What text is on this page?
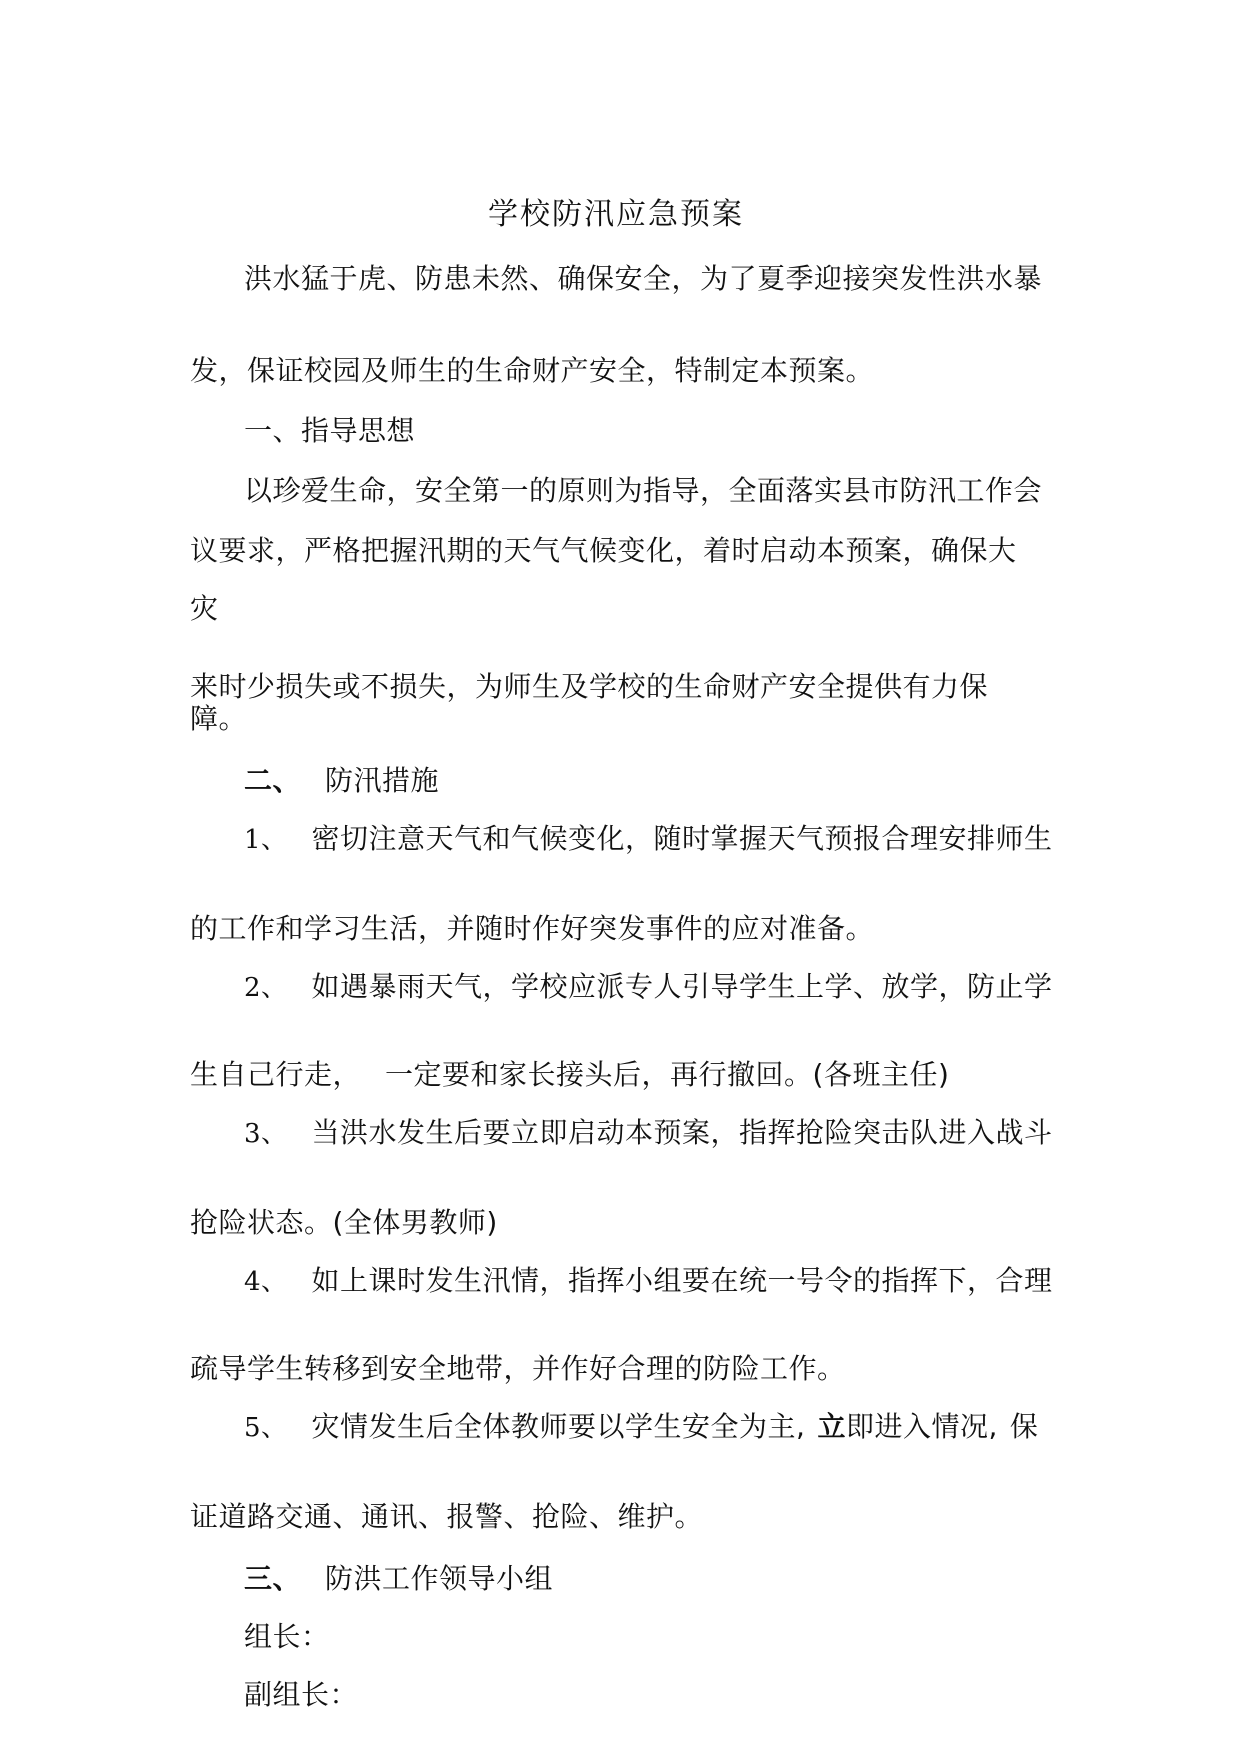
学校防汛应急预案

洪水猛于虎、防患未然、确保安全，为了夏季迎接突发性洪水暴

发，保证校园及师生的生命财产安全，特制定本预案。

一、指导思想

以珍爱生命，安全第一的原则为指导，全面落实县市防汛工作会

议要求，严格把握汛期的天气气候变化，着时启动本预案，确保大

灾

来时少损失或不损失，为师生及学校的生命财产安全提供有力保

障。

二、 防汛措施

1、 密切注意天气和气候变化，随时掌握天气预报合理安排师生

的工作和学习生活，并随时作好突发事件的应对准备。

2、 如遇暴雨天气，学校应派专人引导学生上学、放学，防止学

生自己行走， 一定要和家长接头后，再行撤回。(各班主任)

3、 当洪水发生后要立即启动本预案，指挥抢险突击队进入战斗

抢险状态。(全体男教师)

4、 如上课时发生汛情，指挥小组要在统一号令的指挥下，合理

疏导学生转移到安全地带，并作好合理的防险工作。

5、 灾情发生后全体教师要以学生安全为主, 立即进入情况, 保

证道路交通、通讯、报警、抢险、维护。

三、 防洪工作领导小组

组长：

副组长：
